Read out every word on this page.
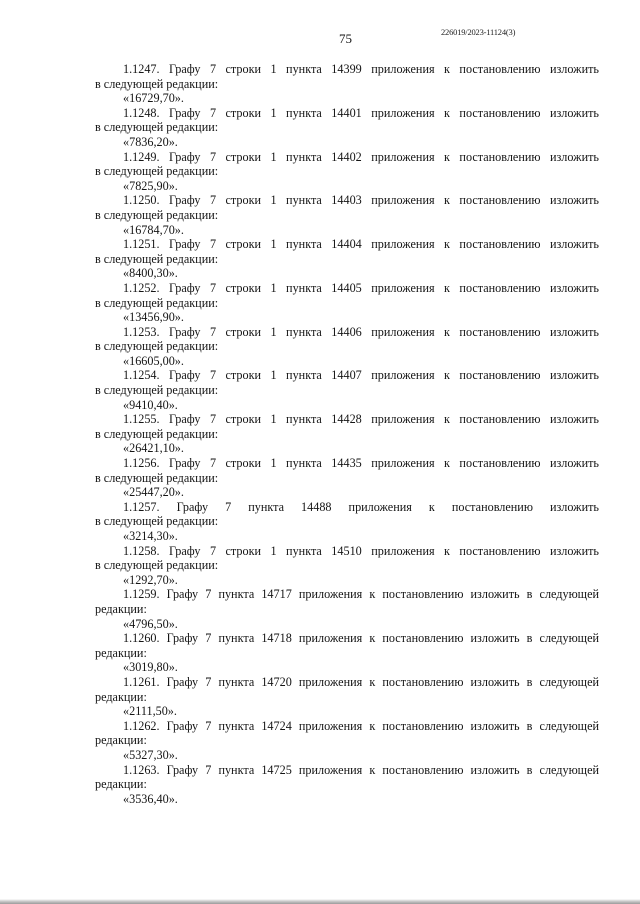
226019/2023-11124(3)
75
1.1247. Графу 7 строки 1 пункта 14399 приложения к постановлению изложить
в следующей редакции:
«16729,70».
1.1248. Графу 7 строки 1 пункта 14401 приложения к постановлению изложить
в следующей редакции:
«7836,20».
1.1249. Графу 7 строки 1 пункта 14402 приложения к постановлению изложить
в следующей редакции:
«7825,90».
1.1250. Графу 7 строки 1 пункта 14403 приложения к постановлению изложить
в следующей редакции:
«16784,70».
1.1251. Графу 7 строки 1 пункта 14404 приложения к постановлению изложить
в следующей редакции:
«8400,30».
1.1252. Графу 7 строки 1 пункта 14405 приложения к постановлению изложить
в следующей редакции:
«13456,90».
1.1253. Графу 7 строки 1 пункта 14406 приложения к постановлению изложить
в следующей редакции:
«16605,00».
1.1254. Графу 7 строки 1 пункта 14407 приложения к постановлению изложить
в следующей редакции:
«9410,40».
1.1255. Графу 7 строки 1 пункта 14428 приложения к постановлению изложить
в следующей редакции:
«26421,10».
1.1256. Графу 7 строки 1 пункта 14435 приложения к постановлению изложить
в следующей редакции:
«25447,20».
1.1257. Графу 7 пункта 14488 приложения к постановлению изложить
в следующей редакции:
«3214,30».
1.1258. Графу 7 строки 1 пункта 14510 приложения к постановлению изложить
в следующей редакции:
«1292,70».
1.1259. Графу 7 пункта 14717 приложения к постановлению изложить в следующей
редакции:
«4796,50».
1.1260. Графу 7 пункта 14718 приложения к постановлению изложить в следующей
редакции:
«3019,80».
1.1261. Графу 7 пункта 14720 приложения к постановлению изложить в следующей
редакции:
«2111,50».
1.1262. Графу 7 пункта 14724 приложения к постановлению изложить в следующей
редакции:
«5327,30».
1.1263. Графу 7 пункта 14725 приложения к постановлению изложить в следующей
редакции:
«3536,40».
